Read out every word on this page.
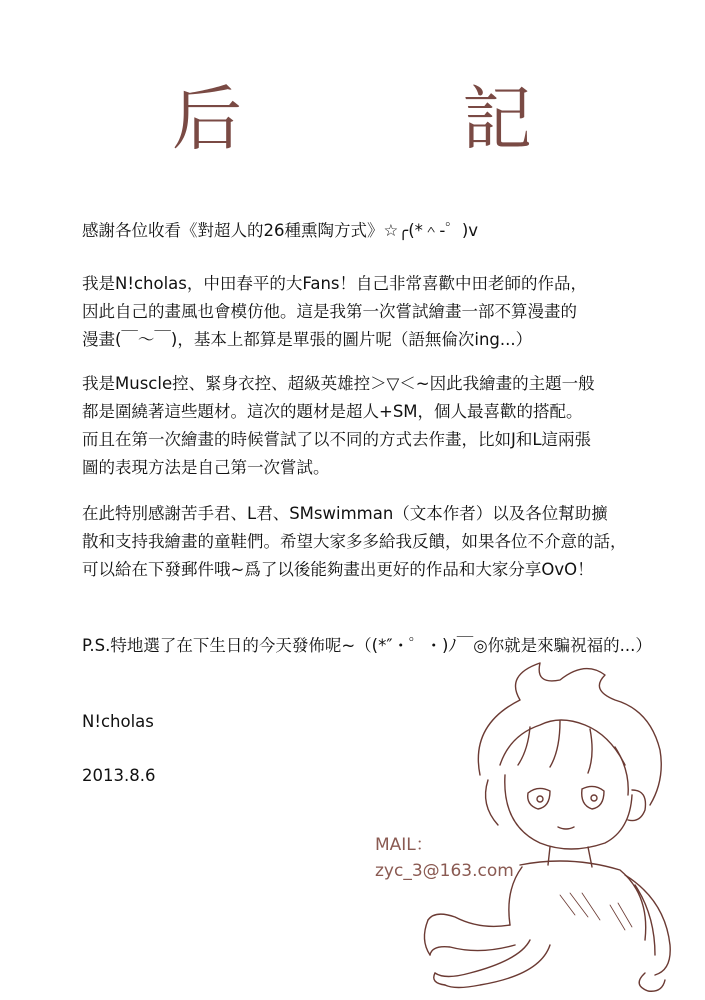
后	記
感謝各位收看《對超人的26種熏陶方式》☆╭(*＾-゜)v
我是N!cholas，中田春平的大Fans！自己非常喜歡中田老師的作品，
因此自己的畫風也會模仿他。這是我第一次嘗試繪畫一部不算漫畫的
漫畫(￣～￣)，基本上都算是單張的圖片呢（語無倫次ing...）
我是Muscle控、緊身衣控、超級英雄控＞▽＜~因此我繪畫的主題一般
都是圍繞著這些題材。這次的題材是超人+SM，個人最喜歡的搭配。
而且在第一次繪畫的時候嘗試了以不同的方式去作畫，比如J和L這兩張
圖的表現方法是自己第一次嘗試。
在此特別感謝苦手君、L君、SMswimman（文本作者）以及各位幫助擴
散和支持我繪畫的童鞋們。希望大家多多給我反饋，如果各位不介意的話，
可以給在下發郵件哦~爲了以後能夠畫出更好的作品和大家分享OvO！
P.S.特地選了在下生日的今天發佈呢~（(*″・゜・)ﾉ￣◎你就是來騙祝福的...）
N!cholas
2013.8.6
MAIL：
zyc_3@163.com
